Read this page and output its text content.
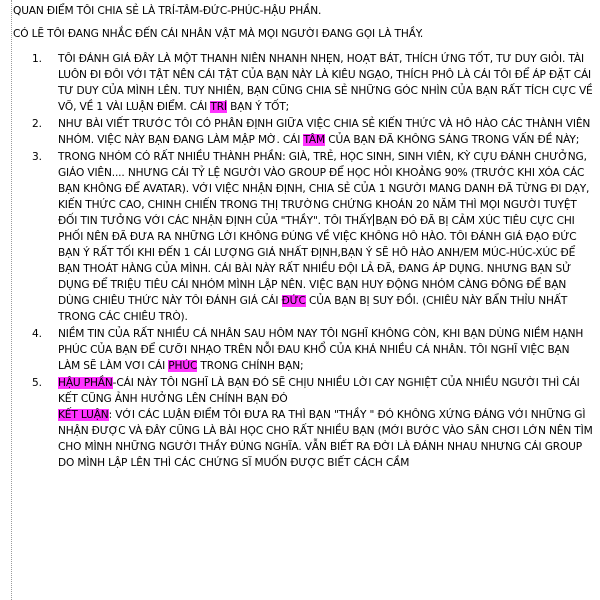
QUAN ĐIỂM TÔI CHIA SẺ LÀ TRÍ-TÂM-ĐỨC-PHÚC-HẬU PHẦN.

CÓ LẼ TÔI ĐANG NHẮC ĐẾN CÁI NHÂN VẬT MÀ MỌI NGƯỜI ĐANG GỌI LÀ THẦY.

1.	TÔI ĐÁNH GIÁ ĐÂY LÀ MỘT THANH NIÊN NHANH NHẸN, HOẠT BÁT, THÍCH ỨNG TỐT, TƯ DUY GIỎI. TÀI LUÔN ĐI ĐÔI VỚI TẬT NÊN CÁI TẬT CỦA BẠN NÀY LÀ KIÊU NGẠO, THÍCH PHÔ LÀ CÁI TÔI ĐỂ ÁP ĐẶT CÁI TƯ DUY CỦA MÌNH LÊN. TUY NHIÊN, BẠN CŨNG CHIA SẺ NHỮNG GÓC NHÌN CỦA BẠN RẤT TÍCH CỰC VỀ VÕ, VỀ 1 VÀI LUẬN ĐIỂM. CÁI TRÍ BẠN Ý TỐT;
2.	NHƯ BÀI VIẾT TRƯỚC TÔI CÓ PHÂN ĐỊNH GIỮA VIỆC CHIA SẺ KIẾN THỨC VÀ HÔ HÀO CÁC THÀNH VIÊN NHÓM. VIỆC NÀY BẠN ĐANG LÀM MẬP MỜ. CÁI TÂM CỦA BẠN ĐÃ KHÔNG SÁNG TRONG VẤN ĐỀ NÀY;
3.	TRONG NHÓM CÓ RẤT NHIỀU THÀNH PHẦN: GIÀ, TRẺ, HỌC SINH, SINH VIÊN, KỲ CỰU ĐÁNH CHƯỞNG, GIÁO VIÊN.... NHƯNG CÁI TỶ LỆ NGƯỜI VÀO GROUP ĐỂ HỌC HỎI KHOẢNG 90% (TRƯỚC KHI XÓA CÁC BẠN KHÔNG ĐỂ AVATAR). VỚI VIỆC NHẬN ĐỊNH, CHIA SẺ CỦA 1 NGƯỜI MANG DANH ĐÃ TỪNG ĐI DẠY, KIẾN THỨC CAO, CHINH CHIẾN TRONG THỊ TRƯỜNG CHỨNG KHOÁN 20 NĂM THÌ MỌI NGƯỜI TUYỆT ĐỐI TIN TƯỞNG VỚI CÁC NHẬN ĐỊNH CỦA "THẦY". TÔI THẤY BẠN ĐÓ ĐÃ BỊ CẢM XÚC TIÊU CỰC CHI PHỐI NÊN ĐÃ ĐƯA RA NHỮNG LỜI KHÔNG ĐÚNG VỀ VIỆC KHÔNG HÔ HÀO. TÔI ĐÁNH GIÁ ĐẠO ĐỨC BẠN Ý RẤT TỐI KHI ĐẾN 1 CÁI LƯỢNG GIÁ NHẤT ĐỊNH,BẠN Ý SẼ HÔ HÀO ANH/EM MÚC-HÚC-XÚC ĐỂ BẠN THOÁT HÀNG CỦA MÌNH. CÁI BÀI NÀY RẤT NHIỀU ĐỘI LẢ ĐÃ, ĐANG ÁP DỤNG. NHƯNG BẠN SỬ DỤNG ĐỂ TRIỆU TIÊU CÁI NHÓM MÌNH LẬP NÊN. VIỆC BẠN HUY ĐỘNG NHÓM CÀNG ĐÔNG ĐỂ BẠN DÙNG CHIÊU THỨC NÀY TÔI ĐÁNH GIÁ CÁI ĐỨC CỦA BẠN BỊ SUY ĐỒI. (CHIÊU NÀY BẨN THỈU NHẤT TRONG CÁC CHIÊU TRÒ).
4.	NIỀM TIN CỦA RẤT NHIỀU CÁ NHÂN SAU HÔM NAY TÔI NGHĨ KHÔNG CÒN, KHI BẠN DÙNG NIỀM HẠNH PHÚC CỦA BẠN ĐỂ CƯỠI NHẠO TRÊN NỖI ĐAU KHỔ CỦA KHÁ NHIỀU CÁ NHÂN. TÔI NGHĨ VIỆC BẠN LÀM SẼ LÀM VƠI CÁI PHÚC TRONG CHÍNH BẠN;
5.	HẬU PHẦN-CÁI NÀY TÔI NGHĨ LÀ BẠN ĐÓ SẼ CHỊU NHIỀU LỜI CAY NGHIỆT CỦA NHIỀU NGƯỜI THÌ CÁI KẾT CŨNG ẢNH HƯỞNG LÊN CHÍNH BẠN ĐÓ
KẾT LUẬN: VỚI CÁC LUẬN ĐIỂM TÔI ĐƯA RA THÌ BẠN "THẦY " ĐÓ KHÔNG XỨNG ĐÁNG VỚI NHỮNG GÌ NHẬN ĐƯỢC VÀ ĐÂY CŨNG LÀ BÀI HỌC CHO RẤT NHIỀU BẠN (MỚI BƯỚC VÀO SÂN CHƠI LỚN NÊN TÌM CHO MÌNH NHỮNG NGƯỜI THẦY ĐÚNG NGHĨA. VẪN BIẾT RA ĐỜI LÀ ĐÁNH NHAU NHƯNG CÁI GROUP DO MÌNH LẬP LÊN THÌ CÁC CHỨNG SĨ MUỐN ĐƯỢC BIẾT CÁCH CẦM
